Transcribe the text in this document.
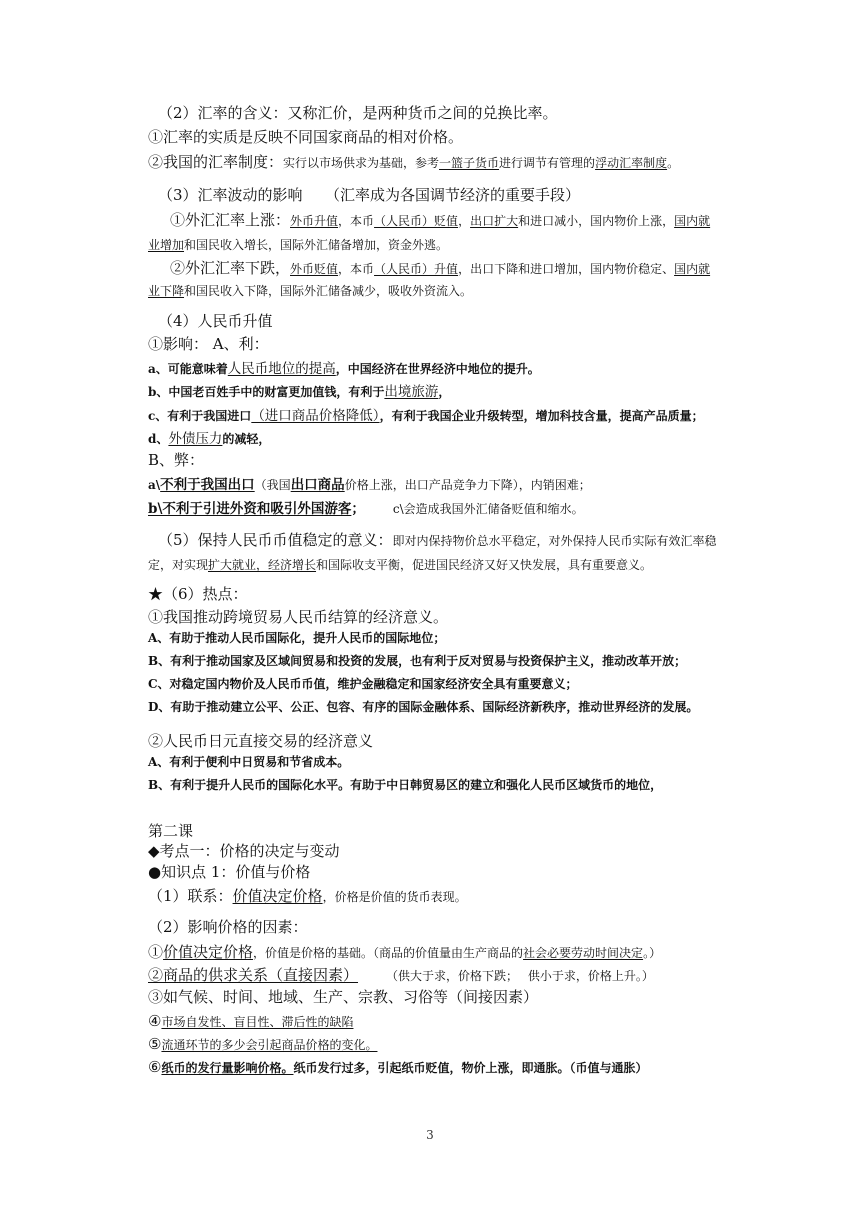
（2）汇率的含义：又称汇价，是两种货币之间的兑换比率。
①汇率的实质是反映不同国家商品的相对价格。
②我国的汇率制度：实行以市场供求为基础，参考一篮子货币进行调节有管理的浮动汇率制度。
（3）汇率波动的影响　　（汇率成为各国调节经济的重要手段）
①外汇汇率上涨：外币升值，本币（人民币）贬值，出口扩大和进口减小，国内物价上涨，国内就
业增加和国民收入增长，国际外汇储备增加，资金外逃。
②外汇汇率下跌，外币贬值，本币（人民币）升值，出口下降和进口增加，国内物价稳定、国内就
业下降和国民收入下降，国际外汇储备减少，吸收外资流入。
（4）人民币升值
①影响： A、利：
a、可能意味着人民币地位的提高，中国经济在世界经济中地位的提升。
b、中国老百姓手中的财富更加值钱，有利于出境旅游，
c、有利于我国进口（进口商品价格降低），有利于我国企业升级转型，增加科技含量，提高产品质量；
d、外债压力的减轻，
B、弊：
a\不利于我国出口（我国出口商品价格上涨，出口产品竞争力下降），内销困难；
b\不利于引进外资和吸引外国游客； c\会造成我国外汇储备贬值和缩水。
（5）保持人民币币值稳定的意义：即对内保持物价总水平稳定，对外保持人民币实际有效汇率稳
定，对实现扩大就业，经济增长和国际收支平衡，促进国民经济又好又快发展，具有重要意义。
★（6）热点：
①我国推动跨境贸易人民币结算的经济意义。
A、有助于推动人民币国际化，提升人民币的国际地位；
B、有利于推动国家及区域间贸易和投资的发展，也有利于反对贸易与投资保护主义，推动改革开放；
C、对稳定国内物价及人民币币值，维护金融稳定和国家经济安全具有重要意义；
D、有助于推动建立公平、公正、包容、有序的国际金融体系、国际经济新秩序，推动世界经济的发展。
②人民币日元直接交易的经济意义
A、有利于便利中日贸易和节省成本。
B、有利于提升人民币的国际化水平。有助于中日韩贸易区的建立和强化人民币区域货币的地位，
第二课
◆考点一：价格的决定与变动
●知识点 1：价值与价格
（1）联系：价值决定价格，价格是价值的货币表现。
（2）影响价格的因素：
①价值决定价格，价值是价格的基础。（商品的价值量由生产商品的社会必要劳动时间决定。）
②商品的供求关系（直接因素）	（供大于求，价格下跌；　 供小于求，价格上升。）
③如气候、时间、地域、生产、宗教、习俗等（间接因素）
④市场自发性、盲目性、滞后性的缺陷
⑤流通环节的多少会引起商品价格的变化。
⑥纸币的发行量影响价格。纸币发行过多，引起纸币贬值，物价上涨，即通胀。（币值与通胀）
3
